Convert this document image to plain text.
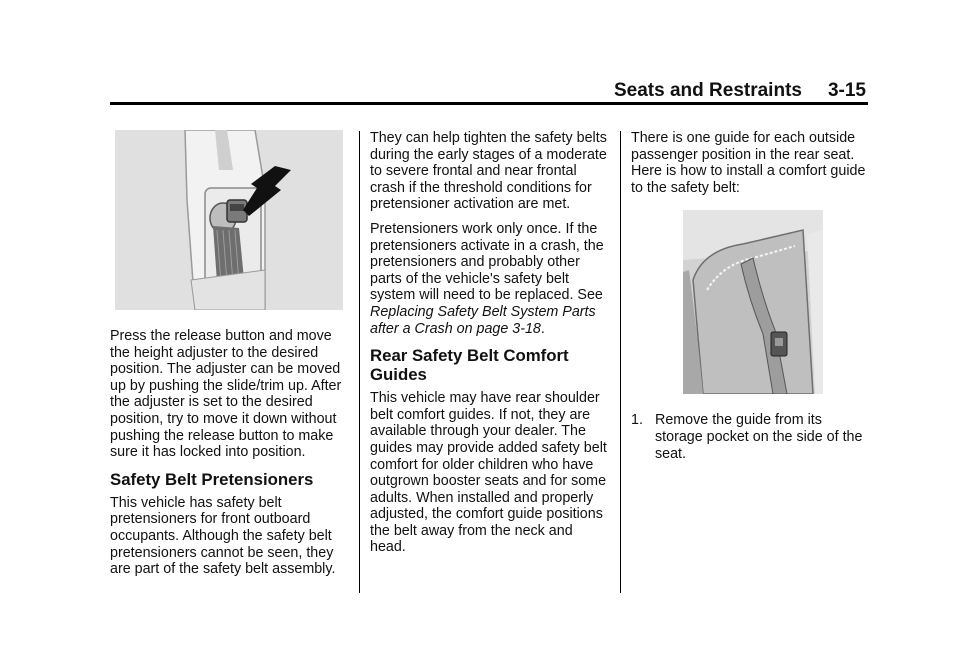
Seats and Restraints 3-15

Press the release button and move the height adjuster to the desired position. The adjuster can be moved up by pushing the slide/trim up. After the adjuster is set to the desired position, try to move it down without pushing the release button to make sure it has locked into position.

Safety Belt Pretensioners

This vehicle has safety belt pretensioners for front outboard occupants. Although the safety belt pretensioners cannot be seen, they are part of the safety belt assembly.

They can help tighten the safety belts during the early stages of a moderate to severe frontal and near frontal crash if the threshold conditions for pretensioner activation are met.

Pretensioners work only once. If the pretensioners activate in a crash, the pretensioners and probably other parts of the vehicle's safety belt system will need to be replaced. See Replacing Safety Belt System Parts after a Crash on page 3-18.

Rear Safety Belt Comfort Guides

This vehicle may have rear shoulder belt comfort guides. If not, they are available through your dealer. The guides may provide added safety belt comfort for older children who have outgrown booster seats and for some adults. When installed and properly adjusted, the comfort guide positions the belt away from the neck and head.

There is one guide for each outside passenger position in the rear seat. Here is how to install a comfort guide to the safety belt:

1. Remove the guide from its storage pocket on the side of the seat.
